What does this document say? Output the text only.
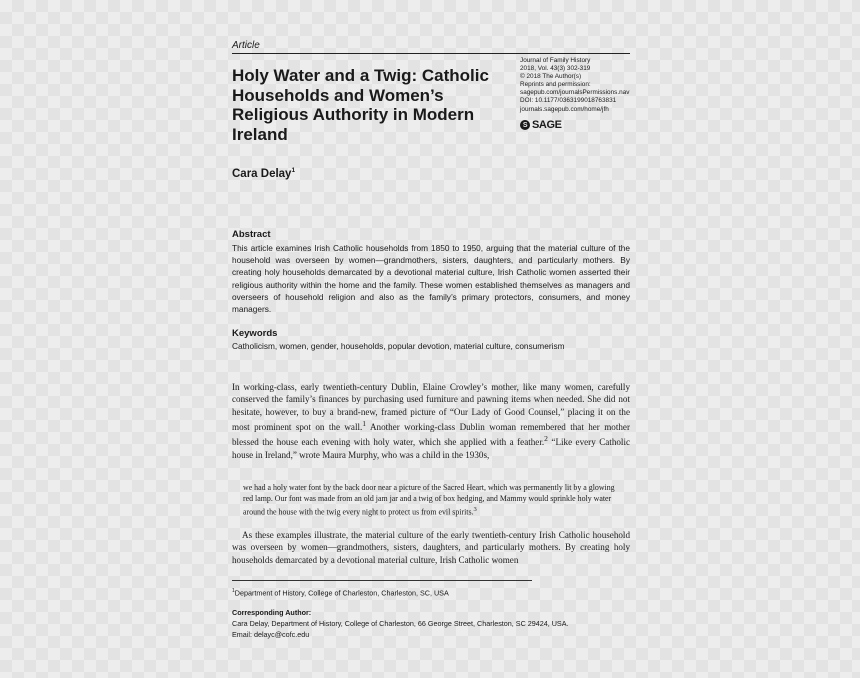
Article
Holy Water and a Twig: Catholic Households and Women’s Religious Authority in Modern Ireland
Journal of Family History
2018, Vol. 43(3) 302-319
© 2018 The Author(s)
Reprints and permission:
sagepub.com/journalsPermissions.nav
DOI: 10.1177/0363199018763831
journals.sagepub.com/home/jfh
S SAGE
Cara Delay$^1$
Abstract

This article examines Irish Catholic households from 1850 to 1950, arguing that the material culture of the household was overseen by women—grandmothers, sisters, daughters, and particularly mothers. By creating holy households demarcated by a devotional material culture, Irish Catholic women asserted their religious authority within the home and the family. These women established themselves as managers and overseers of household religion and also as the family’s primary protectors, consumers, and money managers.

Keywords
Catholicism, women, gender, households, popular devotion, material culture, consumerism

In working-class, early twentieth-century Dublin, Elaine Crowley’s mother, like many women, carefully conserved the family’s finances by purchasing used furniture and pawning items when needed. She did not hesitate, however, to buy a brand-new, framed picture of “Our Lady of Good Counsel,” placing it on the most prominent spot on the wall.$^1$ Another working-class Dublin woman remembered that her mother blessed the house each evening with holy water, which she applied with a feather.$^2$ “Like every Catholic house in Ireland,” wrote Maura Murphy, who was a child in the 1930s,

we had a holy water font by the back door near a picture of the Sacred Heart, which was permanently lit by a glowing red lamp. Our font was made from an old jam jar and a twig of box hedging, and Mammy would sprinkle holy water around the house with the twig every night to protect us from evil spirits.$^3$

As these examples illustrate, the material culture of the early twentieth-century Irish Catholic household was overseen by women—grandmothers, sisters, daughters, and particularly mothers. By creating holy households demarcated by a devotional material culture, Irish Catholic women

$^1$Department of History, College of Charleston, Charleston, SC, USA
Corresponding Author:
Cara Delay, Department of History, College of Charleston, 66 George Street, Charleston, SC 29424, USA.
Email: delayc@cofc.edu
